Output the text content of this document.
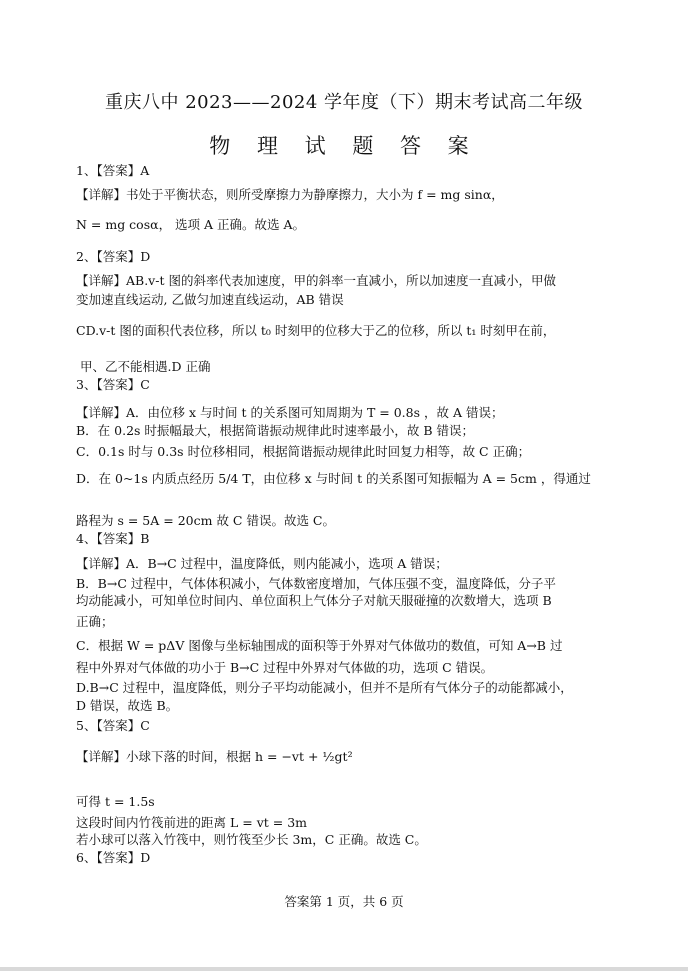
重庆八中 2023——2024 学年度（下）期末考试高二年级
物 理 试 题 答 案
1、【答案】A
【详解】书处于平衡状态，则所受摩擦力为静摩擦力，大小为 f = mg sinα，
N = mg cosα， 选项 A 正确。故选 A。
2、【答案】D
【详解】AB.v-t 图的斜率代表加速度，甲的斜率一直减小，所以加速度一直减小，甲做
变加速直线运动, 乙做匀加速直线运动，AB 错误
CD.v-t 图的面积代表位移，所以 t₀ 时刻甲的位移大于乙的位移，所以 t₁ 时刻甲在前，
甲、乙不能相遇.D 正确
3、【答案】C
【详解】A．由位移 x 与时间 t 的关系图可知周期为 T = 0.8s ，故 A 错误；
B．在 0.2s 时振幅最大，根据简谐振动规律此时速率最小，故 B 错误；
C．0.1s 时与 0.3s 时位移相同，根据简谐振动规律此时回复力相等，故 C 正确；
D．在 0~1s 内质点经历 5/4 T，由位移 x 与时间 t 的关系图可知振幅为 A = 5cm ，得通过
路程为 s = 5A = 20cm 故 C 错误。故选 C。
4、【答案】B
【详解】A．B→C 过程中，温度降低，则内能减小，选项 A 错误；
B．B→C 过程中，气体体积减小，气体数密度增加，气体压强不变，温度降低，分子平
均动能减小，可知单位时间内、单位面积上气体分子对航天服碰撞的次数增大，选项 B
正确；
C．根据 W = pΔV 图像与坐标轴围成的面积等于外界对气体做功的数值，可知 A→B 过
程中外界对气体做的功小于 B→C 过程中外界对气体做的功，选项 C 错误。
D.B→C 过程中，温度降低，则分子平均动能减小，但并不是所有气体分子的动能都减小，
D 错误，故选 B。
5、【答案】C
【详解】小球下落的时间，根据 h = −vt + ½gt²
可得 t = 1.5s
这段时间内竹筏前进的距离 L = vt = 3m
若小球可以落入竹筏中，则竹筏至少长 3m，C 正确。故选 C。
6、【答案】D
答案第 1 页，共 6 页
